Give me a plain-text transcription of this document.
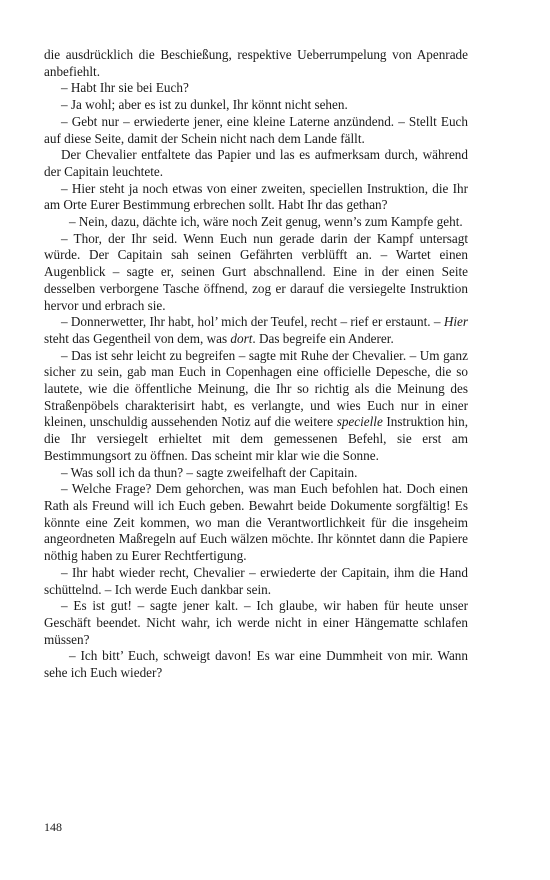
die ausdrücklich die Beschießung, respektive Ueberrumpelung von Apenrade anbefiehlt.

– Habt Ihr sie bei Euch?

– Ja wohl; aber es ist zu dunkel, Ihr könnt nicht sehen.

– Gebt nur – erwiederte jener, eine kleine Laterne anzündend. – Stellt Euch auf diese Seite, damit der Schein nicht nach dem Lande fällt.

Der Chevalier entfaltete das Papier und las es aufmerksam durch, während der Capitain leuchtete.

– Hier steht ja noch etwas von einer zweiten, speciellen Instruktion, die Ihr am Orte Eurer Bestimmung erbrechen sollt. Habt Ihr das gethan?

– Nein, dazu, dächte ich, wäre noch Zeit genug, wenn’s zum Kampfe geht.

– Thor, der Ihr seid. Wenn Euch nun gerade darin der Kampf untersagt würde. Der Capitain sah seinen Gefährten verblüfft an. – Wartet einen Augenblick – sagte er, seinen Gurt abschnallend. Eine in der einen Seite desselben verborgene Tasche öffnend, zog er darauf die versiegelte Instruktion hervor und erbrach sie.

– Donnerwetter, Ihr habt, hol’ mich der Teufel, recht – rief er erstaunt. – Hier steht das Gegentheil von dem, was dort. Das begreife ein Anderer.

– Das ist sehr leicht zu begreifen – sagte mit Ruhe der Chevalier. – Um ganz sicher zu sein, gab man Euch in Copenhagen eine officielle Depesche, die so lautete, wie die öffentliche Meinung, die Ihr so richtig als die Meinung des Straßenpöbels charakterisirt habt, es verlangte, und wies Euch nur in einer kleinen, unschuldig aussehenden Notiz auf die weitere specielle Instruktion hin, die Ihr versiegelt erhieltet mit dem gemessenen Befehl, sie erst am Bestimmungsort zu öffnen. Das scheint mir klar wie die Sonne.

– Was soll ich da thun? – sagte zweifelhaft der Capitain.

– Welche Frage? Dem gehorchen, was man Euch befohlen hat. Doch einen Rath als Freund will ich Euch geben. Bewahrt beide Dokumente sorgfältig! Es könnte eine Zeit kommen, wo man die Verantwortlichkeit für die insgeheim angeordneten Maßregeln auf Euch wälzen möchte. Ihr könntet dann die Papiere nöthig haben zu Eurer Rechtfertigung.

– Ihr habt wieder recht, Chevalier – erwiederte der Capitain, ihm die Hand schüttelnd. – Ich werde Euch dankbar sein.

– Es ist gut! – sagte jener kalt. – Ich glaube, wir haben für heute unser Geschäft beendet. Nicht wahr, ich werde nicht in einer Hängematte schlafen müssen?

– Ich bitt’ Euch, schweigt davon! Es war eine Dummheit von mir. Wann sehe ich Euch wieder?

148
